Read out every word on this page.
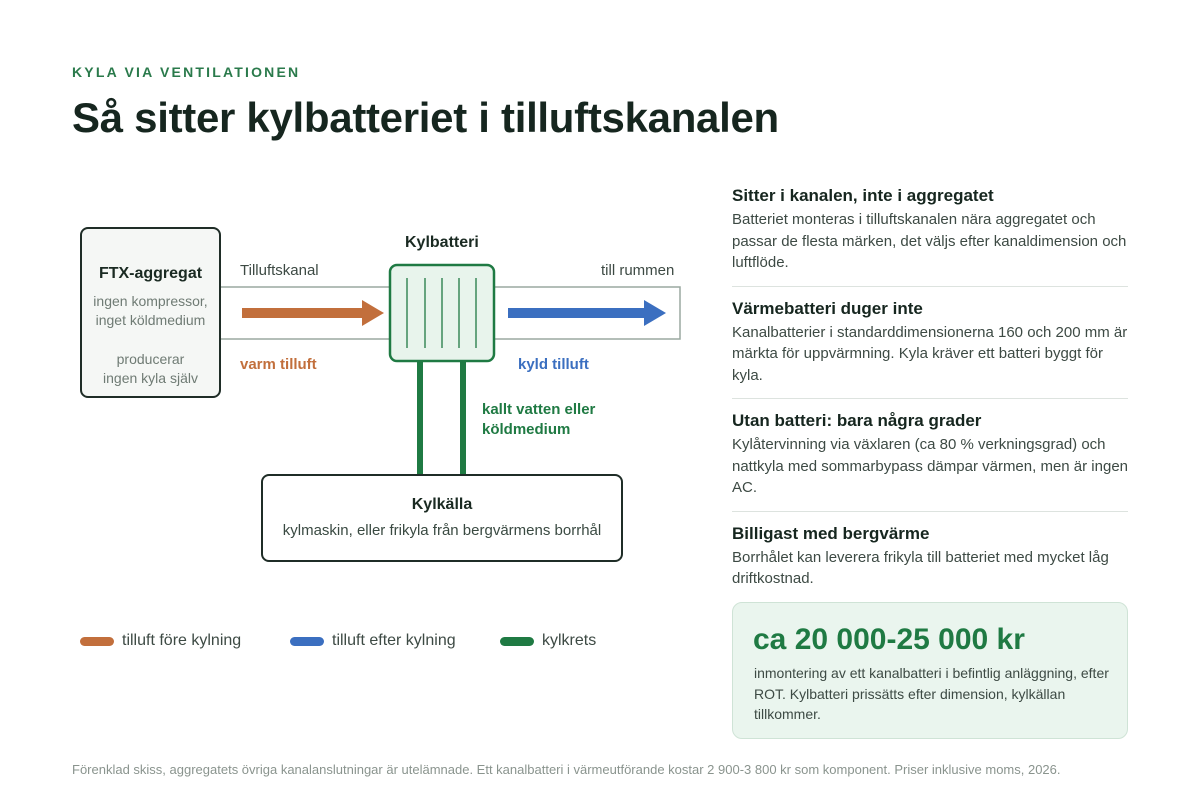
KYLA VIA VENTILATIONEN
Så sitter kylbatteriet i tilluftskanalen
FTX-aggregat
ingen kompressor,
inget köldmedium
producerar
ingen kyla själv
Kylbatteri
Tilluftskanal	till rummen
varm tilluft	kyld tilluft
kallt vatten eller
köldmedium
Kylkälla
kylmaskin, eller frikyla från bergvärmens borrhål
tilluft före kylning	tilluft efter kylning	kylkrets
Sitter i kanalen, inte i aggregatet
Batteriet monteras i tilluftskanalen nära aggregatet och passar de flesta märken, det väljs efter kanaldimension och luftflöde.
Värmebatteri duger inte
Kanalbatterier i standarddimensionerna 160 och 200 mm är märkta för uppvärmning. Kyla kräver ett batteri byggt för kyla.
Utan batteri: bara några grader
Kylåtervinning via växlaren (ca 80 % verkningsgrad) och nattkyla med sommarbypass dämpar värmen, men är ingen AC.
Billigast med bergvärme
Borrhålet kan leverera frikyla till batteriet med mycket låg driftkostnad.
ca 20 000-25 000 kr
inmontering av ett kanalbatteri i befintlig anläggning, efter ROT. Kylbatteri prissätts efter dimension, kylkällan tillkommer.
Förenklad skiss, aggregatets övriga kanalanslutningar är utelämnade. Ett kanalbatteri i värmeutförande kostar 2 900-3 800 kr som komponent. Priser inklusive moms, 2026.
